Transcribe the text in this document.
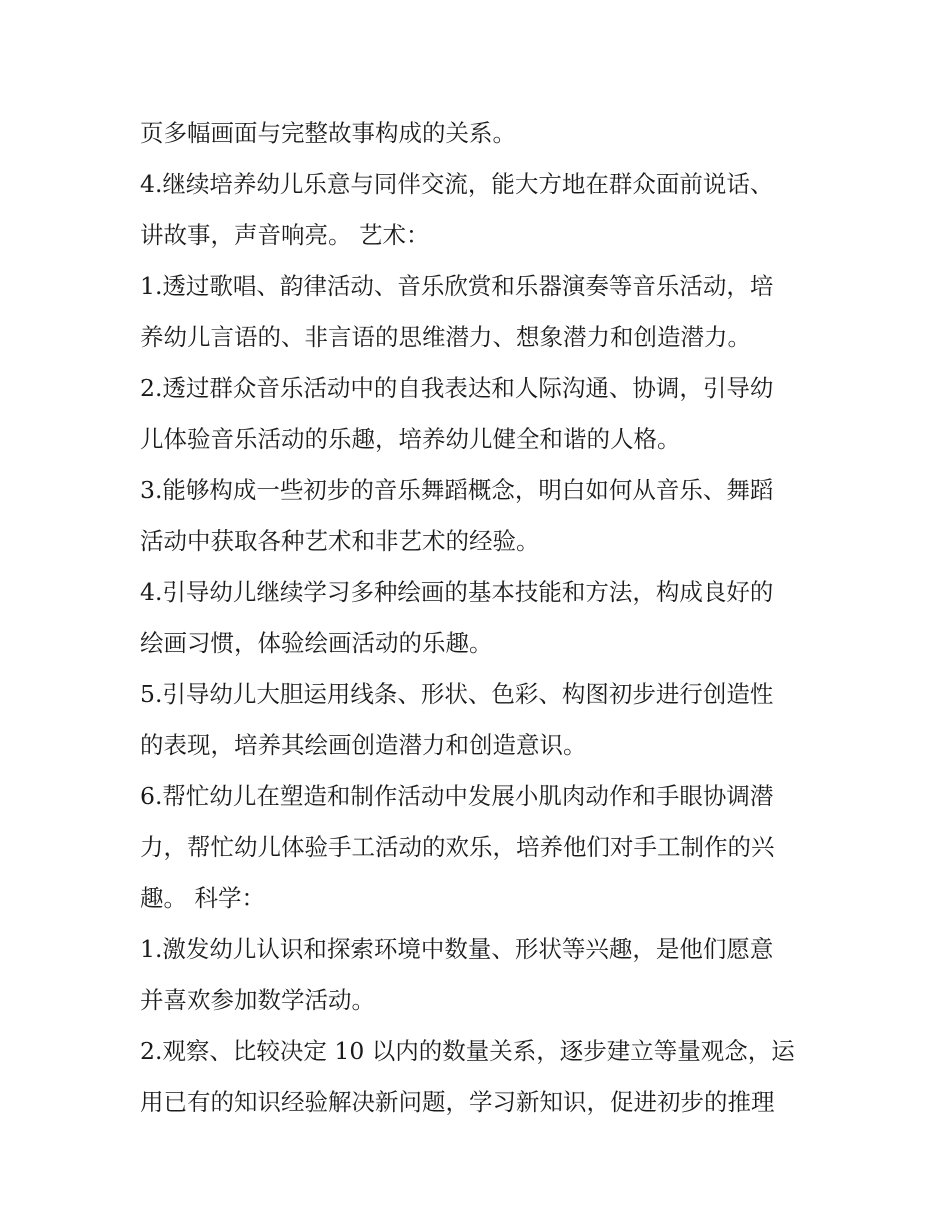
页多幅画面与完整故事构成的关系。
4.继续培养幼儿乐意与同伴交流，能大方地在群众面前说话、
讲故事，声音响亮。 艺术：
1.透过歌唱、韵律活动、音乐欣赏和乐器演奏等音乐活动，培
养幼儿言语的、非言语的思维潜力、想象潜力和创造潜力。
2.透过群众音乐活动中的自我表达和人际沟通、协调，引导幼
儿体验音乐活动的乐趣，培养幼儿健全和谐的人格。
3.能够构成一些初步的音乐舞蹈概念，明白如何从音乐、舞蹈
活动中获取各种艺术和非艺术的经验。
4.引导幼儿继续学习多种绘画的基本技能和方法，构成良好的
绘画习惯，体验绘画活动的乐趣。
5.引导幼儿大胆运用线条、形状、色彩、构图初步进行创造性
的表现，培养其绘画创造潜力和创造意识。
6.帮忙幼儿在塑造和制作活动中发展小肌肉动作和手眼协调潜
力，帮忙幼儿体验手工活动的欢乐，培养他们对手工制作的兴
趣。 科学：
1.激发幼儿认识和探索环境中数量、形状等兴趣，是他们愿意
并喜欢参加数学活动。
2.观察、比较决定 10 以内的数量关系，逐步建立等量观念，运
用已有的知识经验解决新问题，学习新知识，促进初步的推理
